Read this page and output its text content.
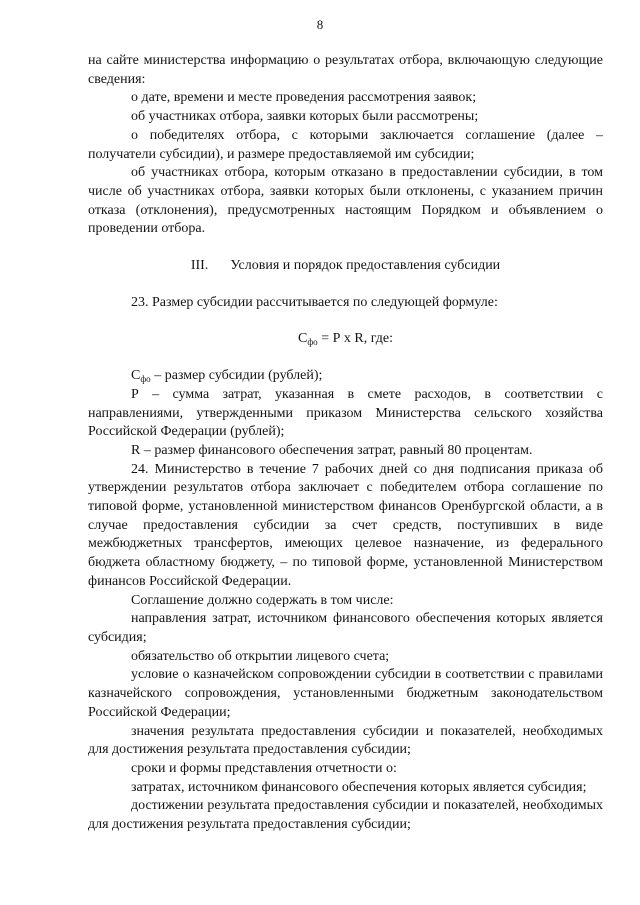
8

на сайте министерства информацию о результатах отбора, включающую следующие сведения:

о дате, времени и месте проведения рассмотрения заявок;

об участниках отбора, заявки которых были рассмотрены;

о победителях отбора, с которыми заключается соглашение (далее – получатели субсидии), и размере предоставляемой им субсидии;

об участниках отбора, которым отказано в предоставлении субсидии, в том числе об участниках отбора, заявки которых были отклонены, с указанием причин отказа (отклонения), предусмотренных настоящим Порядком и объявлением о проведении отбора.

III. Условия и порядок предоставления субсидии

23. Размер субсидии рассчитывается по следующей формуле:

$С_{фо} = Р$ х R, где:

$С_{фо}$ – размер субсидии (рублей);

Р – сумма затрат, указанная в смете расходов, в соответствии с направлениями, утвержденными приказом Министерства сельского хозяйства Российской Федерации (рублей);

R – размер финансового обеспечения затрат, равный 80 процентам.

24. Министерство в течение 7 рабочих дней со дня подписания приказа об утверждении результатов отбора заключает с победителем отбора соглашение по типовой форме, установленной министерством финансов Оренбургской области, а в случае предоставления субсидии за счет средств, поступивших в виде межбюджетных трансфертов, имеющих целевое назначение, из федерального бюджета областному бюджету, – по типовой форме, установленной Министерством финансов Российской Федерации.

Соглашение должно содержать в том числе:

направления затрат, источником финансового обеспечения которых является субсидия;

обязательство об открытии лицевого счета;

условие о казначейском сопровождении субсидии в соответствии с правилами казначейского сопровождения, установленными бюджетным законодательством Российской Федерации;

значения результата предоставления субсидии и показателей, необходимых для достижения результата предоставления субсидии;

сроки и формы представления отчетности о:

затратах, источником финансового обеспечения которых является субсидия;

достижении результата предоставления субсидии и показателей, необходимых для достижения результата предоставления субсидии;
